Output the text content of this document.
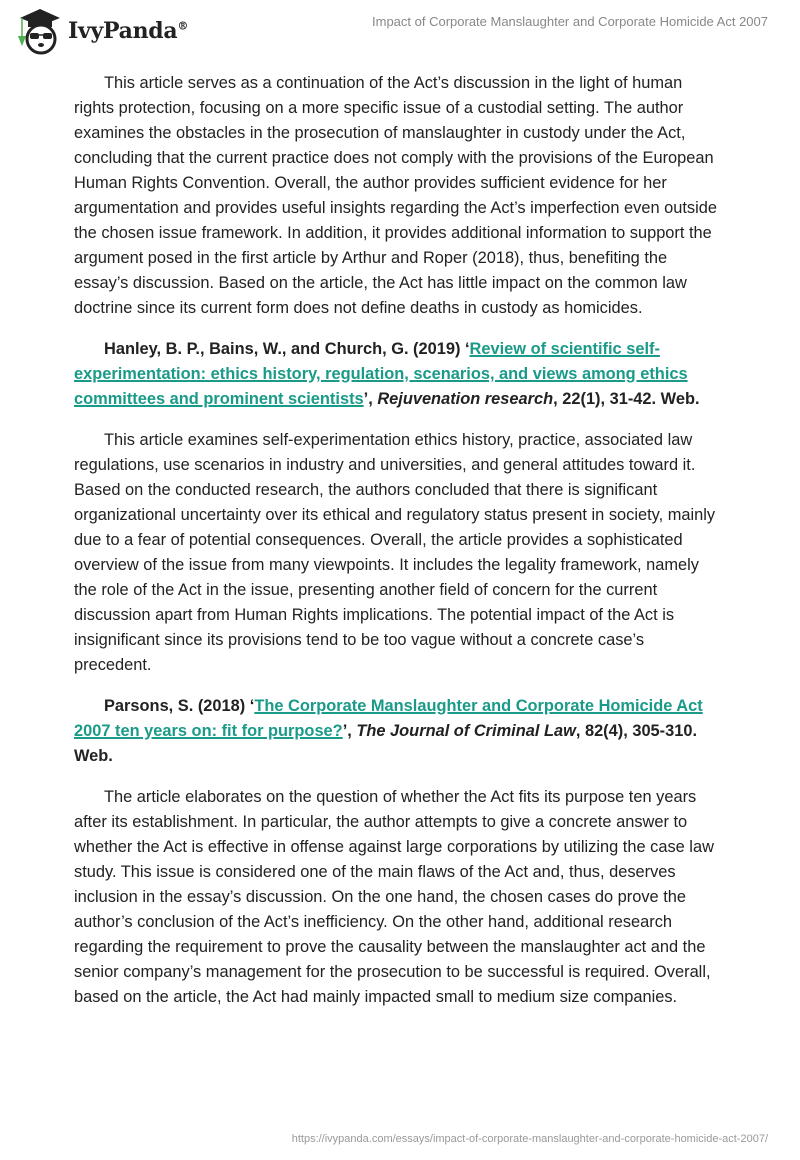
IvyPanda®	Impact of Corporate Manslaughter and Corporate Homicide Act 2007

This article serves as a continuation of the Act’s discussion in the light of human rights protection, focusing on a more specific issue of a custodial setting. The author examines the obstacles in the prosecution of manslaughter in custody under the Act, concluding that the current practice does not comply with the provisions of the European Human Rights Convention. Overall, the author provides sufficient evidence for her argumentation and provides useful insights regarding the Act’s imperfection even outside the chosen issue framework. In addition, it provides additional information to support the argument posed in the first article by Arthur and Roper (2018), thus, benefiting the essay’s discussion. Based on the article, the Act has little impact on the common law doctrine since its current form does not define deaths in custody as homicides.

Hanley, B. P., Bains, W., and Church, G. (2019) ‘Review of scientific self-experimentation: ethics history, regulation, scenarios, and views among ethics committees and prominent scientists’, Rejuvenation research, 22(1), 31-42. Web.

This article examines self-experimentation ethics history, practice, associated law regulations, use scenarios in industry and universities, and general attitudes toward it. Based on the conducted research, the authors concluded that there is significant organizational uncertainty over its ethical and regulatory status present in society, mainly due to a fear of potential consequences. Overall, the article provides a sophisticated overview of the issue from many viewpoints. It includes the legality framework, namely the role of the Act in the issue, presenting another field of concern for the current discussion apart from Human Rights implications. The potential impact of the Act is insignificant since its provisions tend to be too vague without a concrete case’s precedent.

Parsons, S. (2018) ‘The Corporate Manslaughter and Corporate Homicide Act 2007 ten years on: fit for purpose?’, The Journal of Criminal Law, 82(4), 305-310. Web.

The article elaborates on the question of whether the Act fits its purpose ten years after its establishment. In particular, the author attempts to give a concrete answer to whether the Act is effective in offense against large corporations by utilizing the case law study. This issue is considered one of the main flaws of the Act and, thus, deserves inclusion in the essay’s discussion. On the one hand, the chosen cases do prove the author’s conclusion of the Act’s inefficiency. On the other hand, additional research regarding the requirement to prove the causality between the manslaughter act and the senior company’s management for the prosecution to be successful is required. Overall, based on the article, the Act had mainly impacted small to medium size companies.

https://ivypanda.com/essays/impact-of-corporate-manslaughter-and-corporate-homicide-act-2007/
